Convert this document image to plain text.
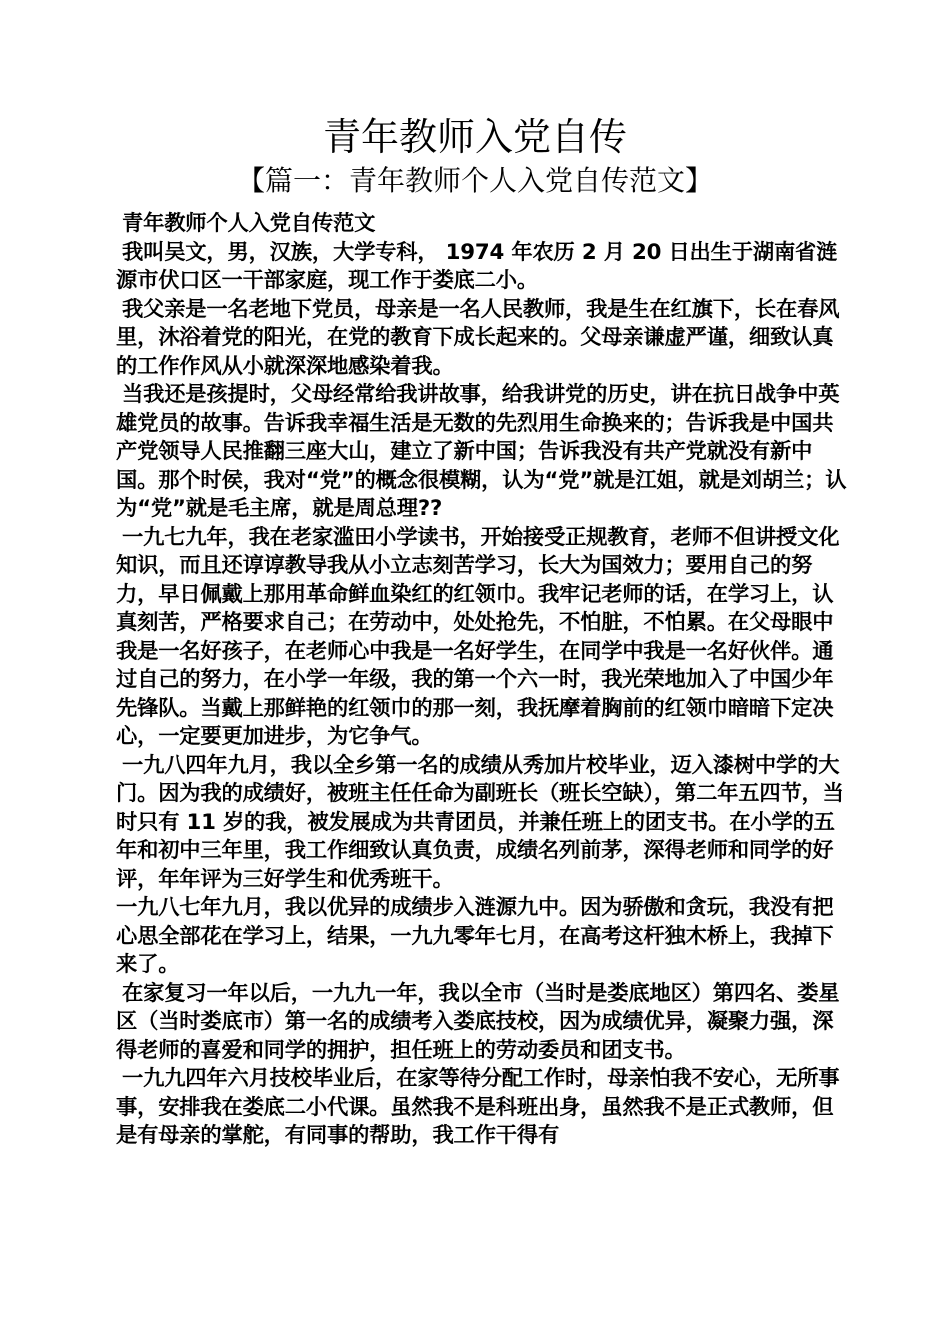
青年教师入党自传
【篇一：青年教师个人入党自传范文】

青年教师个人入党自传范文

我叫吴文，男，汉族，大学专科， 1974 年农历 2 月 20 日出生于湖南省涟源市伏口区一干部家庭，现工作于娄底二小。

我父亲是一名老地下党员，母亲是一名人民教师，我是生在红旗下，长在春风里，沐浴着党的阳光，在党的教育下成长起来的。父母亲谦虚严谨，细致认真的工作作风从小就深深地感染着我。

当我还是孩提时，父母经常给我讲故事，给我讲党的历史，讲在抗日战争中英雄党员的故事。告诉我幸福生活是无数的先烈用生命换来的；告诉我是中国共产党领导人民推翻三座大山，建立了新中国；告诉我没有共产党就没有新中国。那个时侯，我对“党”的概念很模糊，认为“党”就是江姐，就是刘胡兰；认为“党”就是毛主席，就是周总理??

一九七九年，我在老家滥田小学读书，开始接受正规教育，老师不但讲授文化知识，而且还谆谆教导我从小立志刻苦学习，长大为国效力；要用自己的努力，早日佩戴上那用革命鲜血染红的红领巾。我牢记老师的话，在学习上，认真刻苦，严格要求自己；在劳动中，处处抢先，不怕脏，不怕累。在父母眼中我是一名好孩子，在老师心中我是一名好学生，在同学中我是一名好伙伴。通过自己的努力，在小学一年级，我的第一个六一时，我光荣地加入了中国少年先锋队。当戴上那鲜艳的红领巾的那一刻，我抚摩着胸前的红领巾暗暗下定决心，一定要更加进步，为它争气。

一九八四年九月，我以全乡第一名的成绩从秀加片校毕业，迈入漆树中学的大门。因为我的成绩好，被班主任任命为副班长（班长空缺），第二年五四节，当时只有 11 岁的我，被发展成为共青团员，并兼任班上的团支书。在小学的五年和初中三年里，我工作细致认真负责，成绩名列前茅，深得老师和同学的好评，年年评为三好学生和优秀班干。

一九八七年九月，我以优异的成绩步入涟源九中。因为骄傲和贪玩，我没有把心思全部花在学习上，结果，一九九零年七月，在高考这杆独木桥上，我掉下来了。

在家复习一年以后，一九九一年，我以全市（当时是娄底地区）第四名、娄星区（当时娄底市）第一名的成绩考入娄底技校，因为成绩优异，凝聚力强，深得老师的喜爱和同学的拥护，担任班上的劳动委员和团支书。

一九九四年六月技校毕业后，在家等待分配工作时，母亲怕我不安心，无所事事，安排我在娄底二小代课。虽然我不是科班出身，虽然我不是正式教师，但是有母亲的掌舵，有同事的帮助，我工作干得有
